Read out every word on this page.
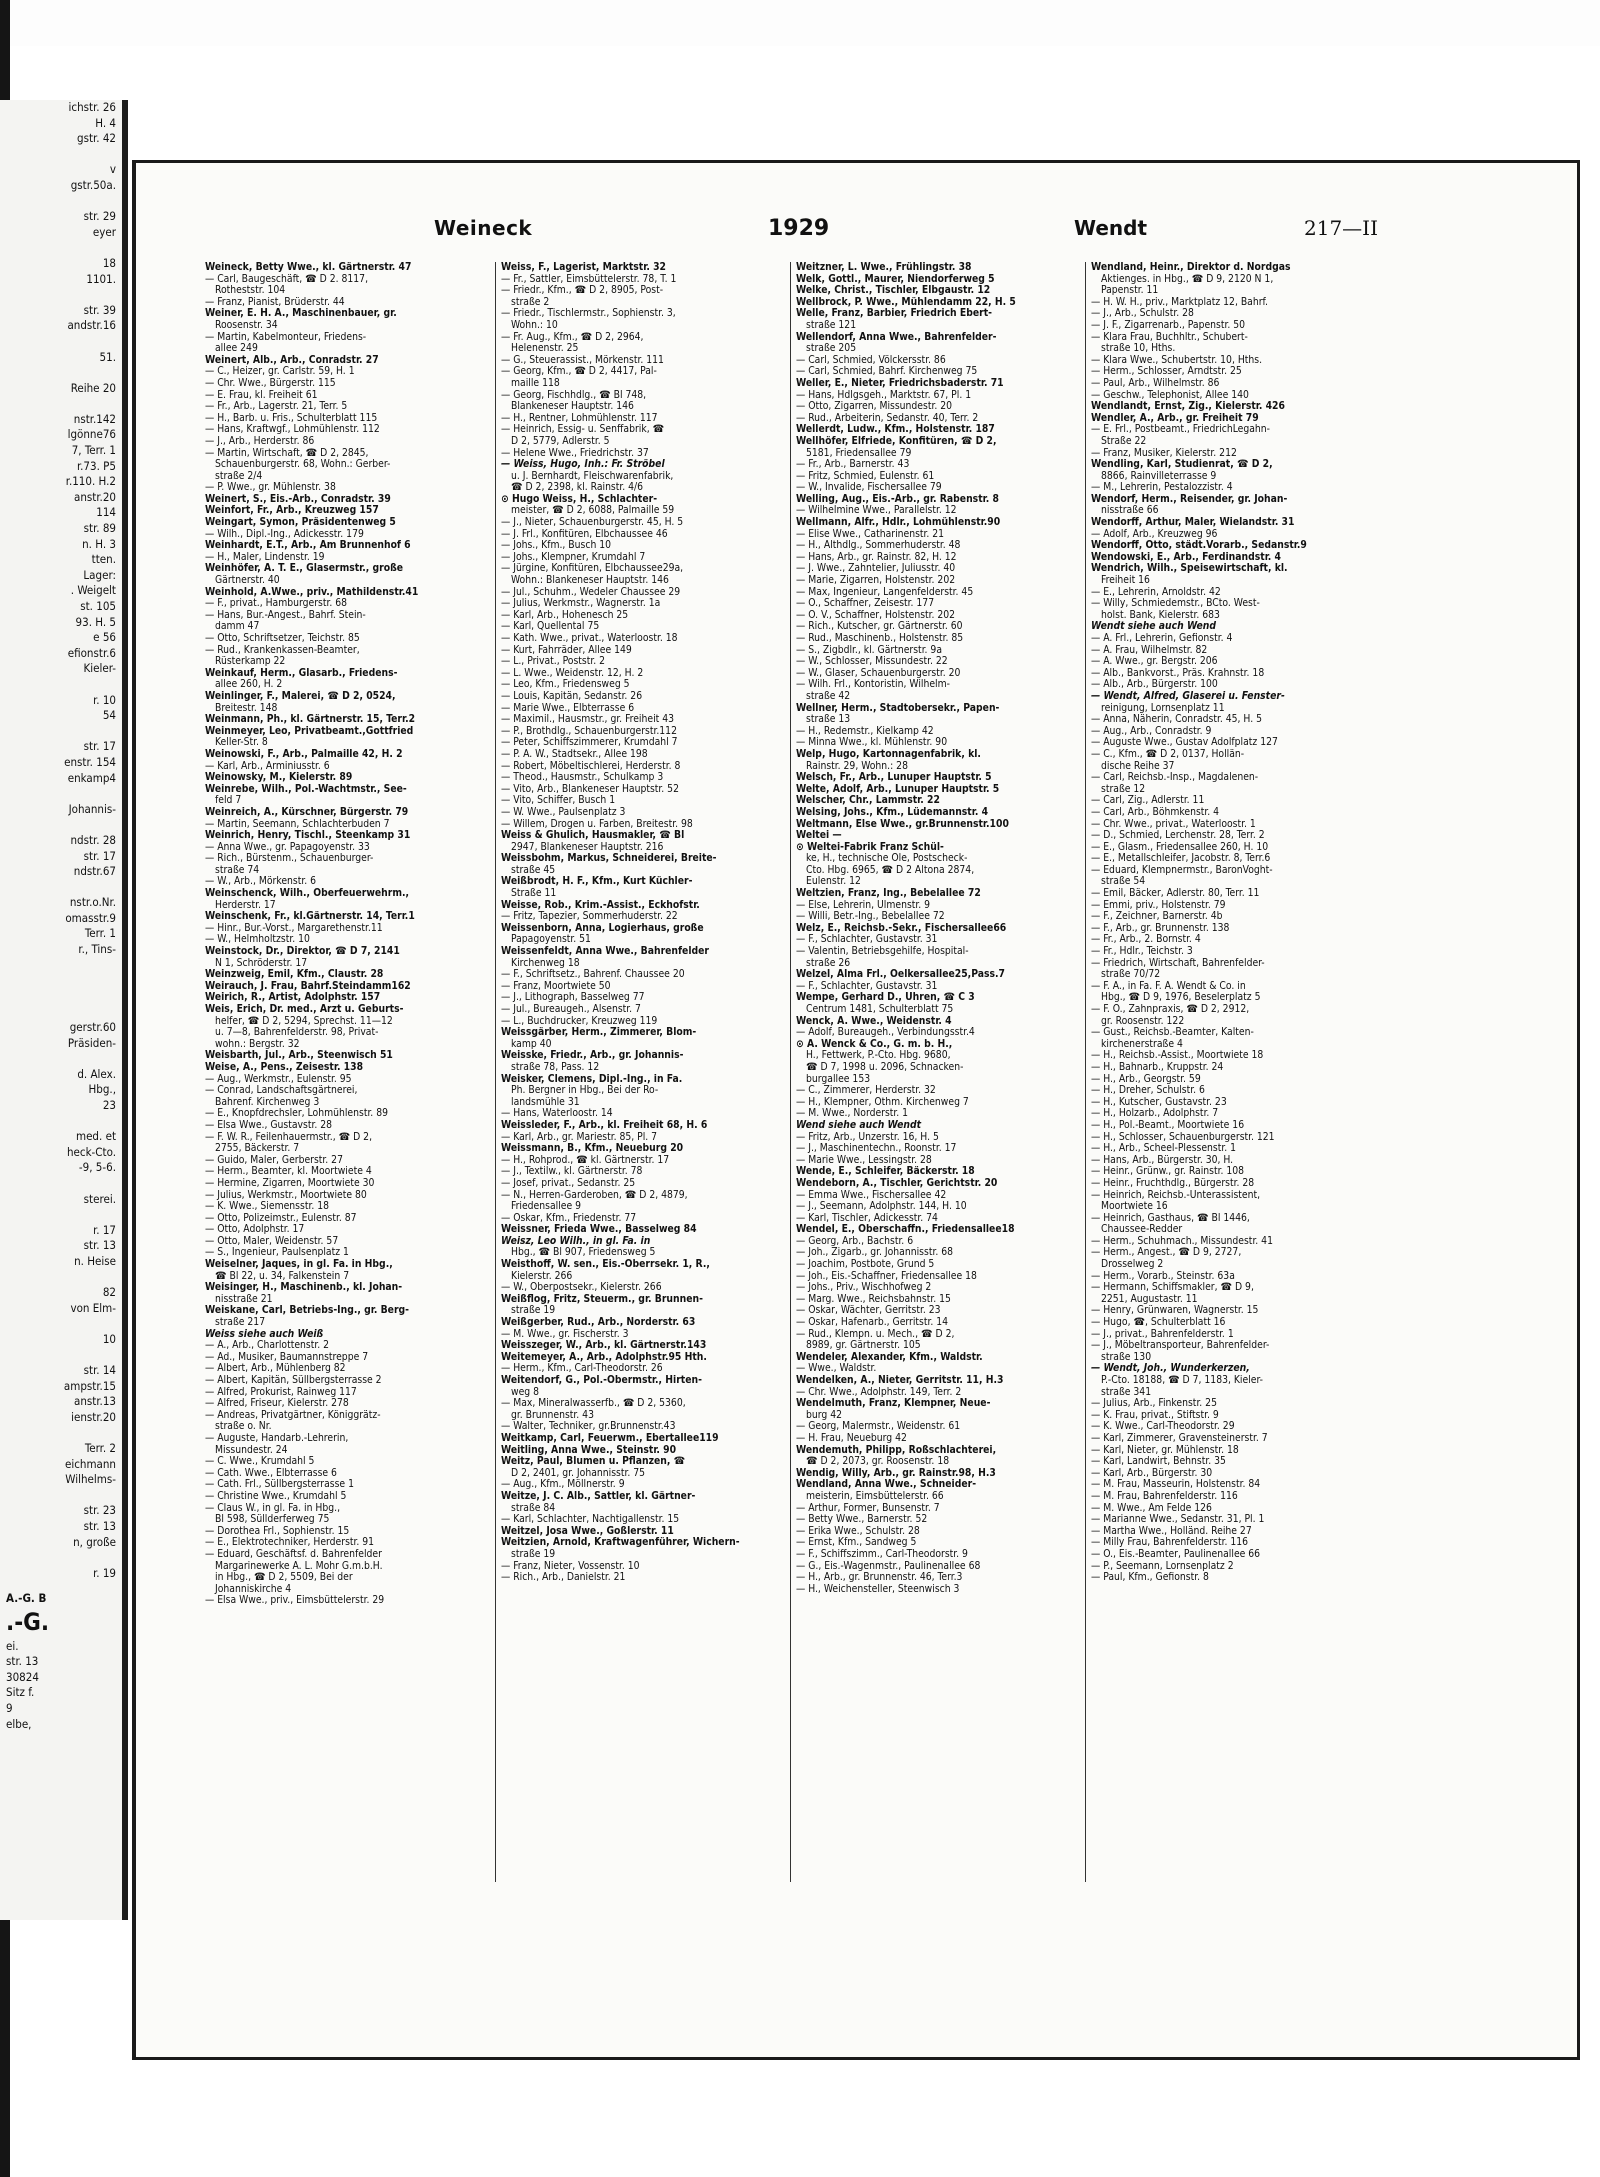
ichstr. 26
H. 4
gstr. 42

v
gstr.50a.

str. 29
eyer

18
1101.

str. 39
andstr.16

51.

Reihe 20

nstr.142
lgönne76
7, Terr. 1
r.73. P5
r.110. H.2
anstr.20
114
str. 89
n. H. 3
tten.
Lager:
. Weigelt
st. 105
93. H. 5
e 56
efionstr.6
Kieler-

r. 10
54

str. 17
enstr. 154
enkamp4

Johannis-

ndstr. 28
str. 17
ndstr.67

nstr.o.Nr.
omasstr.9
Terr. 1
r., Tins-

gerstr.60
Präsiden-

d. Alex.
Hbg.,
23

med. et
heck-Cto.
-9, 5-6.

sterei.

r. 17
str. 13
n. Heise

82
von Elm-

10

str. 14
ampstr.15
anstr.13
ienstr.20

Terr. 2
eichmann
Wilhelms-

str. 23
str. 13
n, große

r. 19
A.-G. B
.-G.
ei.
str. 13
30824
Sitz f.
9
elbe,
Weineck	1929	Wendt	217—II
Weineck, Betty Wwe., kl. Gärtnerstr. 47
— Carl, Baugeschäft, ☎ D 2. 8117,
Rotheststr. 104
— Franz, Pianist, Brüderstr. 44
Weiner, E. H. A., Maschinenbauer, gr.
Roosenstr. 34
— Martin, Kabelmonteur, Friedens-
allee 249
Weinert, Alb., Arb., Conradstr. 27
— C., Heizer, gr. Carlstr. 59, H. 1
— Chr. Wwe., Bürgerstr. 115
— E. Frau, kl. Freiheit 61
— Fr., Arb., Lagerstr. 21, Terr. 5
— H., Barb. u. Fris., Schulterblatt 115
— Hans, Kraftwgf., Lohmühlenstr. 112
— J., Arb., Herderstr. 86
— Martin, Wirtschaft, ☎ D 2, 2845,
Schauenburgerstr. 68, Wohn.: Gerber-
straße 2/4
— P. Wwe., gr. Mühlenstr. 38
Weinert, S., Eis.-Arb., Conradstr. 39
Weinfort, Fr., Arb., Kreuzweg 157
Weingart, Symon, Präsidentenweg 5
— Wilh., Dipl.-Ing., Adickesstr. 179
Weinhardt, E.T., Arb., Am Brunnenhof 6
— H., Maler, Lindenstr. 19
Weinhöfer, A. T. E., Glasermstr., große
Gärtnerstr. 40
Weinhold, A.Wwe., priv., Mathildenstr.41
— F., privat., Hamburgerstr. 68
— Hans, Bur.-Angest., Bahrf. Stein-
damm 47
— Otto, Schriftsetzer, Teichstr. 85
— Rud., Krankenkassen-Beamter,
Rüsterkamp 22
Weinkauf, Herm., Glasarb., Friedens-
allee 260, H. 2
Weinlinger, F., Malerei, ☎ D 2, 0524,
Breitestr. 148
Weinmann, Ph., kl. Gärtnerstr. 15, Terr.2
Weinmeyer, Leo, Privatbeamt.,Gottfried
Keller-Str. 8
Weinowski, F., Arb., Palmaille 42, H. 2
— Karl, Arb., Arminiusstr. 6
Weinowsky, M., Kielerstr. 89
Weinrebe, Wilh., Pol.-Wachtmstr., See-
feld 7
Weinreich, A., Kürschner, Bürgerstr. 79
— Martin, Seemann, Schlachterbuden 7
Weinrich, Henry, Tischl., Steenkamp 31
— Anna Wwe., gr. Papagoyenstr. 33
— Rich., Bürstenm., Schauenburger-
straße 74
— W., Arb., Mörkenstr. 6
Weinschenck, Wilh., Oberfeuerwehrm.,
Herderstr. 17
Weinschenk, Fr., kl.Gärtnerstr. 14, Terr.1
— Hinr., Bur.-Vorst., Margarethenstr.11
— W., Helmholtzstr. 10
Weinstock, Dr., Direktor, ☎ D 7, 2141
N 1, Schröderstr. 17
Weinzweig, Emil, Kfm., Claustr. 28
Weirauch, J. Frau, Bahrf.Steindamm162
Weirich, R., Artist, Adolphstr. 157
Weis, Erich, Dr. med., Arzt u. Geburts-
helfer, ☎ D 2, 5294, Sprechst. 11—12
u. 7—8, Bahrenfelderstr. 98, Privat-
wohn.: Bergstr. 32
Weisbarth, Jul., Arb., Steenwisch 51
Weise, A., Pens., Zeisestr. 138
— Aug., Werkmstr., Eulenstr. 95
— Conrad, Landschaftsgärtnerei,
Bahrenf. Kirchenweg 3
— E., Knopfdrechsler, Lohmühlenstr. 89
— Elsa Wwe., Gustavstr. 28
— F. W. R., Feilenhauermstr., ☎ D 2,
2755, Bäckerstr. 7
— Guido, Maler, Gerberstr. 27
— Herm., Beamter, kl. Moortwiete 4
— Hermine, Zigarren, Moortwiete 30
— Julius, Werkmstr., Moortwiete 80
— K. Wwe., Siemensstr. 18
— Otto, Polizeimstr., Eulenstr. 87
— Otto, Adolphstr. 17
— Otto, Maler, Weidenstr. 57
— S., Ingenieur, Paulsenplatz 1
Weiselner, Jaques, in gl. Fa. in Hbg.,
☎ Bl 22, u. 34, Falkenstein 7
Weisinger, H., Maschinenb., kl. Johan-
nisstraße 21
Weiskane, Carl, Betriebs-Ing., gr. Berg-
straße 217
Weiss siehe auch Weiß
— A., Arb., Charlottenstr. 2
— Ad., Musiker, Baumannstreppe 7
— Albert, Arb., Mühlenberg 82
— Albert, Kapitän, Süllbergsterrasse 2
— Alfred, Prokurist, Rainweg 117
— Alfred, Friseur, Kielerstr. 278
— Andreas, Privatgärtner, Königgrätz-
straße o. Nr.
— Auguste, Handarb.-Lehrerin,
Missundestr. 24
— C. Wwe., Krumdahl 5
— Cath. Wwe., Elbterrasse 6
— Cath. Frl., Süllbergsterrasse 1
— Christine Wwe., Krumdahl 5
— Claus W., in gl. Fa. in Hbg.,
Bl 598, Süllderferweg 75
— Dorothea Frl., Sophienstr. 15
— E., Elektrotechniker, Herderstr. 91
— Eduard, Geschäftsf. d. Bahrenfelder
Margarinewerke A. L. Mohr G.m.b.H.
in Hbg., ☎ D 2, 5509, Bei der
Johanniskirche 4
— Elsa Wwe., priv., Eimsbüttelerstr. 29
Weiss, F., Lagerist, Marktstr. 32
— Fr., Sattler, Eimsbüttelerstr. 78, T. 1
— Friedr., Kfm., ☎ D 2, 8905, Post-
straße 2
— Friedr., Tischlermstr., Sophienstr. 3,
Wohn.: 10
— Fr. Aug., Kfm., ☎ D 2, 2964,
Helenenstr. 25
— G., Steuerassist., Mörkenstr. 111
— Georg, Kfm., ☎ D 2, 4417, Pal-
maille 118
— Georg, Fischhdlg., ☎ Bl 748,
Blankeneser Hauptstr. 146
— H., Rentner, Lohmühlenstr. 117
— Heinrich, Essig- u. Senffabrik, ☎
D 2, 5779, Adlerstr. 5
— Helene Wwe., Friedrichstr. 37
— Weiss, Hugo, Inh.: Fr. Ströbel
u. J. Bernhardt, Fleischwarenfabrik,
☎ D 2, 2398, kl. Rainstr. 4/6
⊙ Hugo Weiss, H., Schlachter-
meister, ☎ D 2, 6088, Palmaille 59
— J., Nieter, Schauenburgerstr. 45, H. 5
— J. Frl., Konfitüren, Elbchaussee 46
— Johs., Kfm., Busch 10
— Johs., Klempner, Krumdahl 7
— Jürgine, Konfitüren, Elbchaussee29a,
Wohn.: Blankeneser Hauptstr. 146
— Jul., Schuhm., Wedeler Chaussee 29
— Julius, Werkmstr., Wagnerstr. 1a
— Karl, Arb., Hohenesch 25
— Karl, Quellental 75
— Kath. Wwe., privat., Waterloostr. 18
— Kurt, Fahrräder, Allee 149
— L., Privat., Poststr. 2
— L. Wwe., Weidenstr. 12, H. 2
— Leo, Kfm., Friedensweg 5
— Louis, Kapitän, Sedanstr. 26
— Marie Wwe., Elbterrasse 6
— Maximil., Hausmstr., gr. Freiheit 43
— P., Brothdlg., Schauenburgerstr.112
— Peter, Schiffszimmerer, Krumdahl 7
— P. A. W., Stadtsekr., Allee 198
— Robert, Möbeltischlerei, Herderstr. 8
— Theod., Hausmstr., Schulkamp 3
— Vito, Arb., Blankeneser Hauptstr. 52
— Vito, Schiffer, Busch 1
— W. Wwe., Paulsenplatz 3
— Willem, Drogen u. Farben, Breitestr. 98
Weiss & Ghulich, Hausmakler, ☎ Bl
2947, Blankeneser Hauptstr. 216
Weissbohm, Markus, Schneiderei, Breite-
straße 45
Weißbrodt, H. F., Kfm., Kurt Küchler-
Straße 11
Weisse, Rob., Krim.-Assist., Eckhofstr.
— Fritz, Tapezier, Sommerhuderstr. 22
Weissenborn, Anna, Logierhaus, große
Papagoyenstr. 51
Weissenfeldt, Anna Wwe., Bahrenfelder
Kirchenweg 18
— F., Schriftsetz., Bahrenf. Chaussee 20
— Franz, Moortwiete 50
— J., Lithograph, Basselweg 77
— Jul., Bureaugeh., Alsenstr. 7
— L., Buchdrucker, Kreuzweg 119
Weissgärber, Herm., Zimmerer, Blom-
kamp 40
Weisske, Friedr., Arb., gr. Johannis-
straße 78, Pass. 12
Weisker, Clemens, Dipl.-Ing., in Fa.
Ph. Bergner in Hbg., Bei der Ro-
landsmühle 31
— Hans, Waterloostr. 14
Weissleder, F., Arb., kl. Freiheit 68, H. 6
— Karl, Arb., gr. Mariestr. 85, Pl. 7
Weissmann, B., Kfm., Neueburg 20
— H., Rohprod., ☎ kl. Gärtnerstr. 17
— J., Textilw., kl. Gärtnerstr. 78
— Josef, privat., Sedanstr. 25
— N., Herren-Garderoben, ☎ D 2, 4879,
Friedensallee 9
— Oskar, Kfm., Friedenstr. 77
Weissner, Frieda Wwe., Basselweg 84
Weisz, Leo Wilh., in gl. Fa. in
Hbg., ☎ Bl 907, Friedensweg 5
Weisthoff, W. sen., Eis.-Oberrsekr. 1, R.,
Kielerstr. 266
— W., Oberpostsekr., Kielerstr. 266
Weißflog, Fritz, Steuerm., gr. Brunnen-
straße 19
Weißgerber, Rud., Arb., Norderstr. 63
— M. Wwe., gr. Fischerstr. 3
Weisszeger, W., Arb., kl. Gärtnerstr.143
Weitemeyer, A., Arb., Adolphstr.95 Hth.
— Herm., Kfm., Carl-Theodorstr. 26
Weitendorf, G., Pol.-Obermstr., Hirten-
weg 8
— Max, Mineralwasserfb., ☎ D 2, 5360,
gr. Brunnenstr. 43
— Walter, Techniker, gr.Brunnenstr.43
Weitkamp, Carl, Feuerwm., Ebertallee119
Weitling, Anna Wwe., Steinstr. 90
Weitz, Paul, Blumen u. Pflanzen, ☎
D 2, 2401, gr. Johannisstr. 75
— Aug., Kfm., Möllnerstr. 9
Weitze, J. C. Alb., Sattler, kl. Gärtner-
straße 84
— Karl, Schlachter, Nachtigallenstr. 15
Weitzel, Josa Wwe., Goßlerstr. 11
Weitzien, Arnold, Kraftwagenführer, Wichern-
straße 19
— Franz, Nieter, Vossenstr. 10
— Rich., Arb., Danielstr. 21
Weitzner, L. Wwe., Frühlingstr. 38
Welk, Gottl., Maurer, Niendorferweg 5
Welke, Christ., Tischler, Elbgaustr. 12
Wellbrock, P. Wwe., Mühlendamm 22, H. 5
Welle, Franz, Barbier, Friedrich Ebert-
straße 121
Wellendorf, Anna Wwe., Bahrenfelder-
straße 205
— Carl, Schmied, Völckersstr. 86
— Carl, Schmied, Bahrf. Kirchenweg 75
Weller, E., Nieter, Friedrichsbaderstr. 71
— Hans, Hdlgsgeh., Marktstr. 67, Pl. 1
— Otto, Zigarren, Missundestr. 20
— Rud., Arbeiterin, Sedanstr. 40, Terr. 2
Wellerdt, Ludw., Kfm., Holstenstr. 187
Wellhöfer, Elfriede, Konfitüren, ☎ D 2,
5181, Friedensallee 79
— Fr., Arb., Barnerstr. 43
— Fritz, Schmied, Eulenstr. 61
— W., Invalide, Fischersallee 79
Welling, Aug., Eis.-Arb., gr. Rabenstr. 8
— Wilhelmine Wwe., Parallelstr. 12
Wellmann, Alfr., Hdlr., Lohmühlenstr.90
— Elise Wwe., Catharinenstr. 21
— H., Althdlg., Sommerhuderstr. 48
— Hans, Arb., gr. Rainstr. 82, H. 12
— J. Wwe., Zahntelier, Juliusstr. 40
— Marie, Zigarren, Holstenstr. 202
— Max, Ingenieur, Langenfelderstr. 45
— O., Schaffner, Zeisestr. 177
— O. V., Schaffner, Holstenstr. 202
— Rich., Kutscher, gr. Gärtnerstr. 60
— Rud., Maschinenb., Holstenstr. 85
— S., Zigbdlr., kl. Gärtnerstr. 9a
— W., Schlosser, Missundestr. 22
— W., Glaser, Schauenburgerstr. 20
— Wilh. Frl., Kontoristin, Wilhelm-
straße 42
Wellner, Herm., Stadtobersekr., Papen-
straße 13
— H., Redemstr., Kielkamp 42
— Minna Wwe., kl. Mühlenstr. 90
Welp, Hugo, Kartonnagenfabrik, kl.
Rainstr. 29, Wohn.: 28
Welsch, Fr., Arb., Lunuper Hauptstr. 5
Welte, Adolf, Arb., Lunuper Hauptstr. 5
Welscher, Chr., Lammstr. 22
Welsing, Johs., Kfm., Lüdemannstr. 4
Weltmann, Else Wwe., gr.Brunnenstr.100
Weltei —
⊙ Weltei-Fabrik Franz Schül-
ke, H., technische Öle, Postscheck-
Cto. Hbg. 6965, ☎ D 2 Altona 2874,
Eulenstr. 12
Weltzien, Franz, Ing., Bebelallee 72
— Else, Lehrerin, Ulmenstr. 9
— Willi, Betr.-Ing., Bebelallee 72
Welz, E., Reichsb.-Sekr., Fischersallee66
— F., Schlachter, Gustavstr. 31
— Valentin, Betriebsgehilfe, Hospital-
straße 26
Welzel, Alma Frl., Oelkersallee25,Pass.7
— F., Schlachter, Gustavstr. 31
Wempe, Gerhard D., Uhren, ☎ C 3
Centrum 1481, Schulterblatt 75
Wenck, A. Wwe., Weidenstr. 4
— Adolf, Bureaugeh., Verbindungsstr.4
⊙ A. Wenck & Co., G. m. b. H.,
H., Fettwerk, P.-Cto. Hbg. 9680,
☎ D 7, 1998 u. 2096, Schnacken-
burgallee 153
— C., Zimmerer, Herderstr. 32
— H., Klempner, Othm. Kirchenweg 7
— M. Wwe., Norderstr. 1
Wend siehe auch Wendt
— Fritz, Arb., Unzerstr. 16, H. 5
— J., Maschinentechn., Roonstr. 17
— Marie Wwe., Lessingstr. 28
Wende, E., Schleifer, Bäckerstr. 18
Wendeborn, A., Tischler, Gerichtstr. 20
— Emma Wwe., Fischersallee 42
— J., Seemann, Adolphstr. 144, H. 10
— Karl, Tischler, Adickesstr. 74
Wendel, E., Oberschaffn., Friedensallee18
— Georg, Arb., Bachstr. 6
— Joh., Zigarb., gr. Johannisstr. 68
— Joachim, Postbote, Grund 5
— Joh., Eis.-Schaffner, Friedensallee 18
— Johs., Priv., Wischhofweg 2
— Marg. Wwe., Reichsbahnstr. 15
— Oskar, Wächter, Gerritstr. 23
— Oskar, Hafenarb., Gerritstr. 14
— Rud., Klempn. u. Mech., ☎ D 2,
8989, gr. Gärtnerstr. 105
Wendeler, Alexander, Kfm., Waldstr.
— Wwe., Waldstr.
Wendelken, A., Nieter, Gerritstr. 11, H.3
— Chr. Wwe., Adolphstr. 149, Terr. 2
Wendelmuth, Franz, Klempner, Neue-
burg 42
— Georg, Malermstr., Weidenstr. 61
— H. Frau, Neueburg 42
Wendemuth, Philipp, Roßschlachterei,
☎ D 2, 2073, gr. Roosenstr. 18
Wendig, Willy, Arb., gr. Rainstr.98, H.3
Wendland, Anna Wwe., Schneider-
meisterin, Eimsbüttelerstr. 66
— Arthur, Former, Bunsenstr. 7
— Betty Wwe., Barnerstr. 52
— Erika Wwe., Schulstr. 28
— Ernst, Kfm., Sandweg 5
— F., Schiffszimm., Carl-Theodorstr. 9
— G., Eis.-Wagenmstr., Paulinenallee 68
— H., Arb., gr. Brunnenstr. 46, Terr.3
— H., Weichensteller, Steenwisch 3
Wendland, Heinr., Direktor d. Nordgas
Aktienges. in Hbg., ☎ D 9, 2120 N 1,
Papenstr. 11
— H. W. H., priv., Marktplatz 12, Bahrf.
— J., Arb., Schulstr. 28
— J. F., Zigarrenarb., Papenstr. 50
— Klara Frau, Buchhltr., Schubert-
straße 10, Hths.
— Klara Wwe., Schubertstr. 10, Hths.
— Herm., Schlosser, Arndtstr. 25
— Paul, Arb., Wilhelmstr. 86
— Geschw., Telephonist, Allee 140
Wendlandt, Ernst, Zig., Kielerstr. 426
Wendler, A., Arb., gr. Freiheit 79
— E. Frl., Postbeamt., FriedrichLegahn-
Straße 22
— Franz, Musiker, Kielerstr. 212
Wendling, Karl, Studienrat, ☎ D 2,
8866, Rainvilleterrasse 9
— M., Lehrerin, Pestalozzistr. 4
Wendorf, Herm., Reisender, gr. Johan-
nisstraße 66
Wendorff, Arthur, Maler, Wielandstr. 31
— Adolf, Arb., Kreuzweg 96
Wendorff, Otto, städt.Vorarb., Sedanstr.9
Wendowski, E., Arb., Ferdinandstr. 4
Wendrich, Wilh., Speisewirtschaft, kl.
Freiheit 16
— E., Lehrerin, Arnoldstr. 42
— Willy, Schmiedemstr., BCto. West-
holst. Bank, Kielerstr. 683
Wendt siehe auch Wend
— A. Frl., Lehrerin, Gefionstr. 4
— A. Frau, Wilhelmstr. 82
— A. Wwe., gr. Bergstr. 206
— Alb., Bankvorst., Präs. Krahnstr. 18
— Alb., Arb., Bürgerstr. 100
— Wendt, Alfred, Glaserei u. Fenster-
reinigung, Lornsenplatz 11
— Anna, Näherin, Conradstr. 45, H. 5
— Aug., Arb., Conradstr. 9
— Auguste Wwe., Gustav Adolfplatz 127
— C., Kfm., ☎ D 2, 0137, Hollän-
dische Reihe 37
— Carl, Reichsb.-Insp., Magdalenen-
straße 12
— Carl, Zig., Adlerstr. 11
— Carl, Arb., Böhmkenstr. 4
— Chr. Wwe., privat., Waterloostr. 1
— D., Schmied, Lerchenstr. 28, Terr. 2
— E., Glasm., Friedensallee 260, H. 10
— E., Metallschleifer, Jacobstr. 8, Terr.6
— Eduard, Klempnermstr., BaronVoght-
straße 54
— Emil, Bäcker, Adlerstr. 80, Terr. 11
— Emmi, priv., Holstenstr. 79
— F., Zeichner, Barnerstr. 4b
— F., Arb., gr. Brunnenstr. 138
— Fr., Arb., 2. Bornstr. 4
— Fr., Hdlr., Teichstr. 3
— Friedrich, Wirtschaft, Bahrenfelder-
straße 70/72
— F. A., in Fa. F. A. Wendt & Co. in
Hbg., ☎ D 9, 1976, Beselerplatz 5
— F. O., Zahnpraxis, ☎ D 2, 2912,
gr. Roosenstr. 122
— Gust., Reichsb.-Beamter, Kalten-
kirchenerstraße 4
— H., Reichsb.-Assist., Moortwiete 18
— H., Bahnarb., Kruppstr. 24
— H., Arb., Georgstr. 59
— H., Dreher, Schulstr. 6
— H., Kutscher, Gustavstr. 23
— H., Holzarb., Adolphstr. 7
— H., Pol.-Beamt., Moortwiete 16
— H., Schlosser, Schauenburgerstr. 121
— H., Arb., Scheel-Plessenstr. 1
— Hans, Arb., Bürgerstr. 30, H.
— Heinr., Grünw., gr. Rainstr. 108
— Heinr., Fruchthdlg., Bürgerstr. 28
— Heinrich, Reichsb.-Unterassistent,
Moortwiete 16
— Heinrich, Gasthaus, ☎ Bl 1446,
Chaussee-Redder
— Herm., Schuhmach., Missundestr. 41
— Herm., Angest., ☎ D 9, 2727,
Drosselweg 2
— Herm., Vorarb., Steinstr. 63a
— Hermann, Schiffsmakler, ☎ D 9,
2251, Augustastr. 11
— Henry, Grünwaren, Wagnerstr. 15
— Hugo, ☎, Schulterblatt 16
— J., privat., Bahrenfelderstr. 1
— J., Möbeltransporteur, Bahrenfelder-
straße 130
— Wendt, Joh., Wunderkerzen,
P.-Cto. 18188, ☎ D 7, 1183, Kieler-
straße 341
— Julius, Arb., Finkenstr. 25
— K. Frau, privat., Stiftstr. 9
— K. Wwe., Carl-Theodorstr. 29
— Karl, Zimmerer, Gravensteinerstr. 7
— Karl, Nieter, gr. Mühlenstr. 18
— Karl, Landwirt, Behnstr. 35
— Karl, Arb., Bürgerstr. 30
— M. Frau, Masseurin, Holstenstr. 84
— M. Frau, Bahrenfelderstr. 116
— M. Wwe., Am Felde 126
— Marianne Wwe., Sedanstr. 31, Pl. 1
— Martha Wwe., Holländ. Reihe 27
— Milly Frau, Bahrenfelderstr. 116
— O., Eis.-Beamter, Paulinenallee 66
— P., Seemann, Lornsenplatz 2
— Paul, Kfm., Gefionstr. 8
